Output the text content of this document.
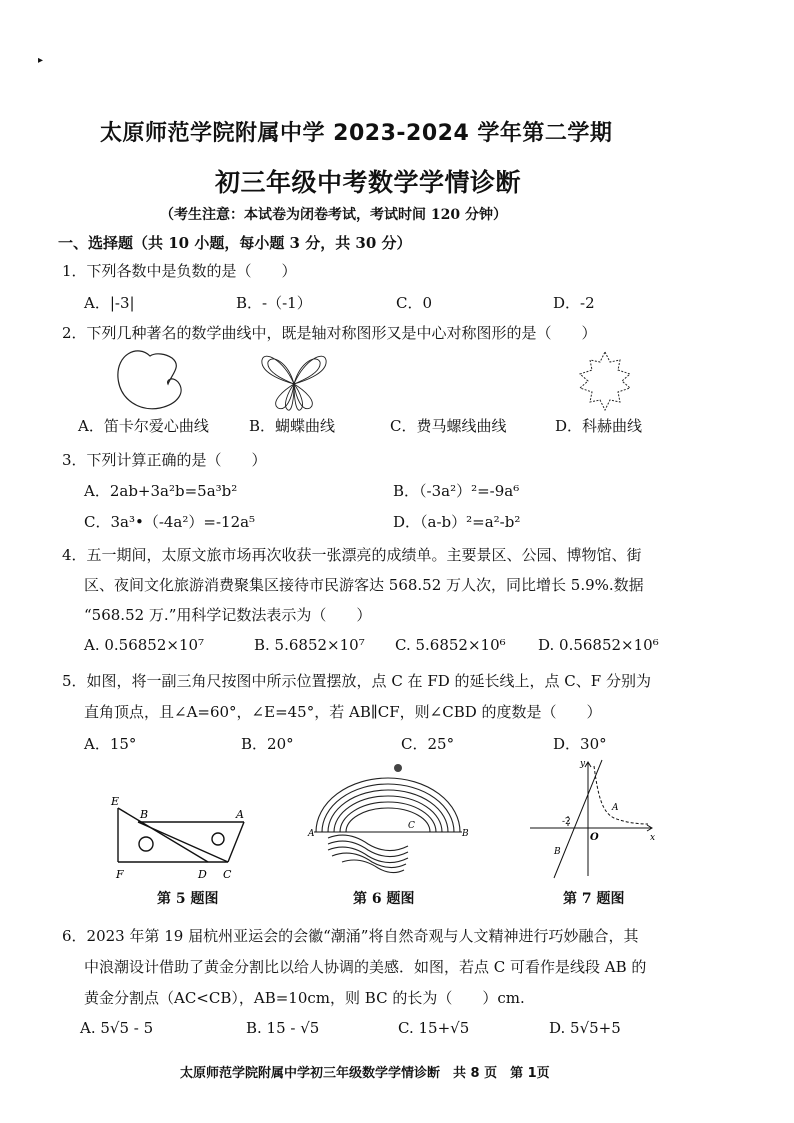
▸
太原师范学院附属中学 2023-2024 学年第二学期
初三年级中考数学学情诊断
（考生注意：本试卷为闭卷考试，考试时间 120 分钟）
一、选择题（共 10 小题，每小题 3 分，共 30 分）
1．下列各数中是负数的是（　　）
A．|-3|	B．-（-1）	C．0	D．-2
2．下列几种著名的数学曲线中，既是轴对称图形又是中心对称图形的是（　　）
A．笛卡尔爱心曲线	B．蝴蝶曲线	C．费马螺线曲线	D．科赫曲线
3．下列计算正确的是（　　）
A．2ab+3a²b=5a³b²	B．（-3a²）²=-9a⁶
C．3a³•（-4a²）=-12a⁵	D．（a-b）²=a²-b²
4．五一期间，太原文旅市场再次收获一张漂亮的成绩单。主要景区、公园、博物馆、街
区、夜间文化旅游消费聚集区接待市民游客达 568.52 万人次，同比增长 5.9%.数据
“568.52 万.”用科学记数法表示为（　　）
A. 0.56852×10⁷	B. 5.6852×10⁷ C. 5.6852×10⁶ D. 0.56852×10⁶
5．如图，将一副三角尺按图中所示位置摆放，点 C 在 FD 的延长线上，点 C、F 分别为
直角顶点，且∠A=60°，∠E=45°，若 AB∥CF，则∠CBD 的度数是（　　）
A．15°	B．20°	C．25°	D．30°
E
B	A
F	D C
A
C
B
y
x
O
A
B
-2
第 5 题图	第 6 题图	第 7 题图
6．2023 年第 19 届杭州亚运会的会徽“潮涌”将自然奇观与人文精神进行巧妙融合，其
中浪潮设计借助了黄金分割比以给人协调的美感．如图，若点 C 可看作是线段 AB 的
黄金分割点（AC<CB），AB=10cm，则 BC 的长为（　　）cm.
A. 5√5 - 5	B. 15 - √5	C. 15+√5	D. 5√5+5
太原师范学院附属中学初三年级数学学情诊断　共 8 页　第 1页
